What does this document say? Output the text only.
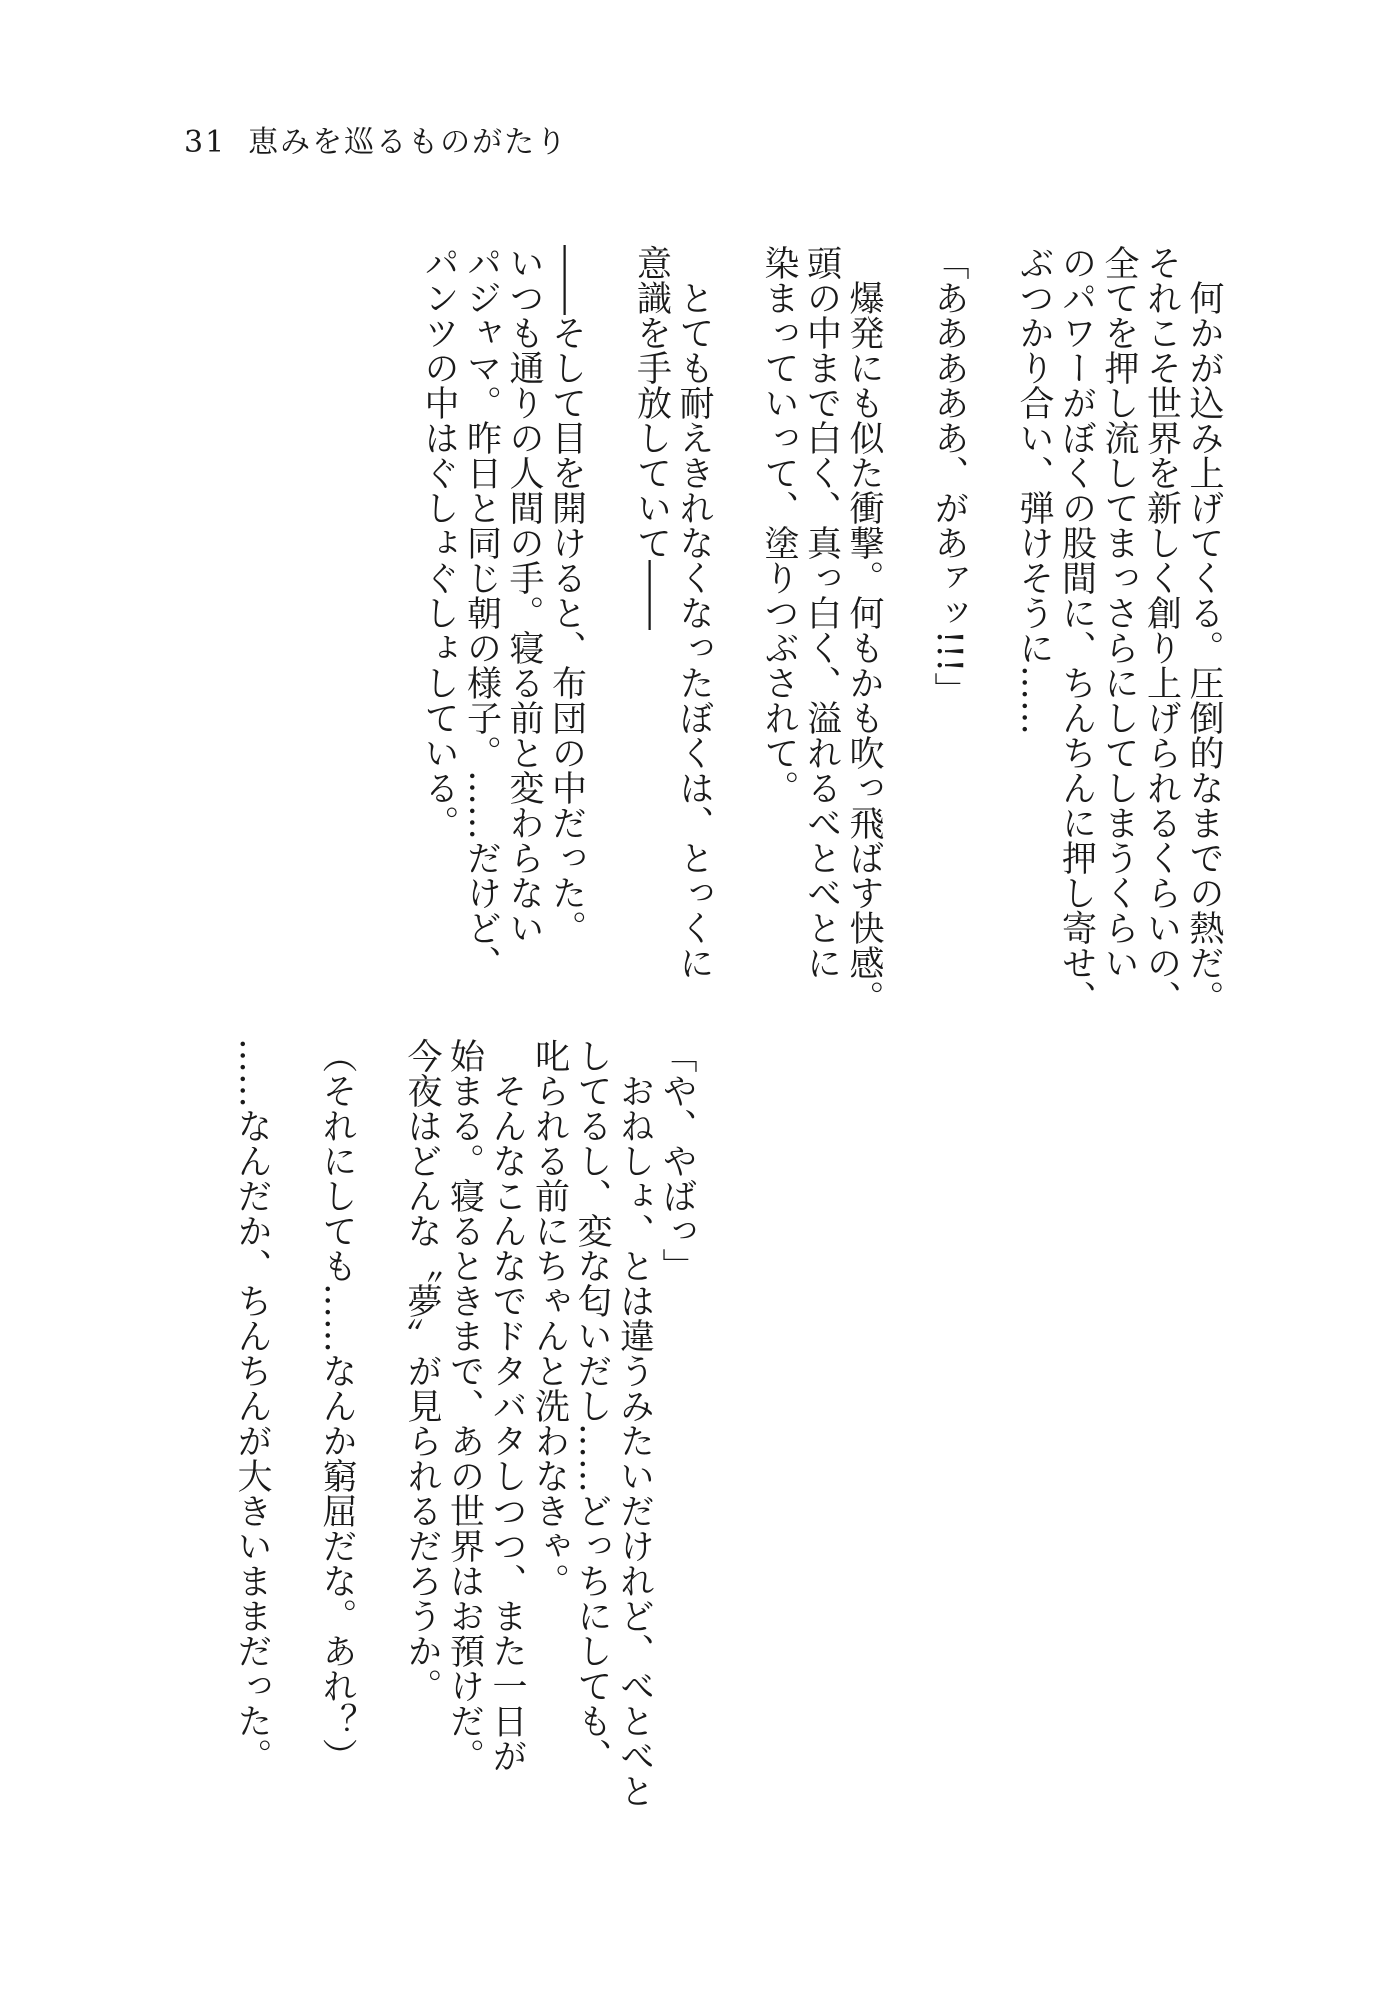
31 恵みを巡るものがたり
　何かが込み上げてくる。圧倒的なまでの熱だ。
それこそ世界を新しく創り上げられるくらいの、
全てを押し流してまっさらにしてしまうくらい
のパワーがぼくの股間に、ちんちんに押し寄せ、
ぶつかり合い、弾けそうに……

「あああああ、があァッ!!!」

　爆発にも似た衝撃。何もかも吹っ飛ばす快感。
頭の中まで白く、真っ白く、溢れるべとべとに
染まっていって、塗りつぶされて。

　とても耐えきれなくなったぼくは、とっくに
意識を手放していて――

――そして目を開けると、布団の中だった。
いつも通りの人間の手。寝る前と変わらない
パジャマ。昨日と同じ朝の様子。……だけど、
パンツの中はぐしょぐしょしている。
「や、やばっ」
　おねしょ、とは違うみたいだけれど、べとべと
してるし、変な匂いだし……どっちにしても、
叱られる前にちゃんと洗わなきゃ。
　そんなこんなでドタバタしつつ、また一日が
始まる。寝るときまで、あの世界はお預けだ。
今夜はどんな〝夢〟が見られるだろうか。

（それにしても……なんか窮屈だな。あれ？）

……なんだか、ちんちんが大きいままだった。
